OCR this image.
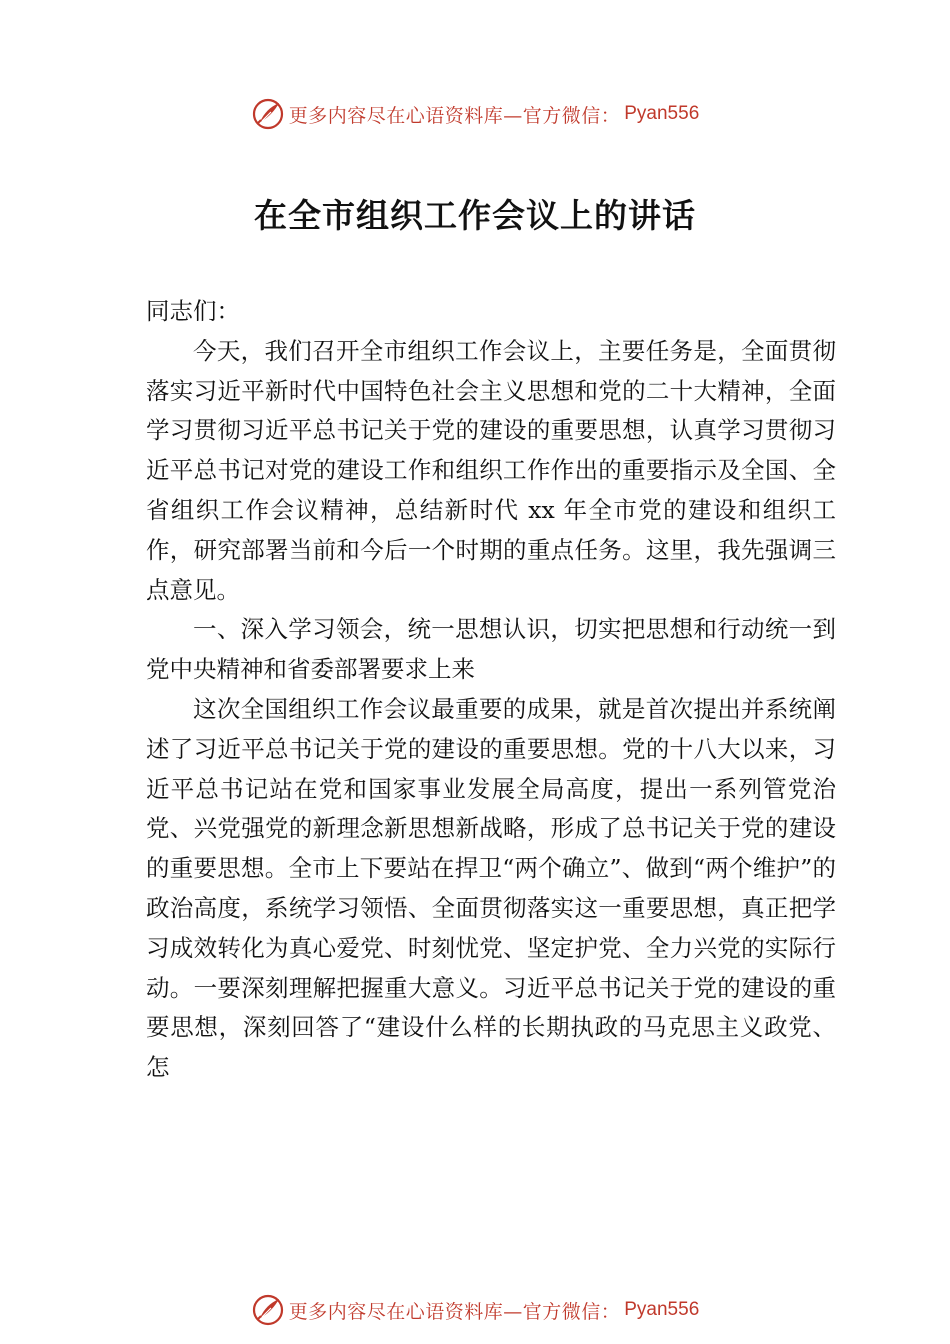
更多内容尽在心语资料库—官方微信： Pyan556
在全市组织工作会议上的讲话

同志们：

今天，我们召开全市组织工作会议上，主要任务是，全面贯彻落实习近平新时代中国特色社会主义思想和党的二十大精神，全面学习贯彻习近平总书记关于党的建设的重要思想，认真学习贯彻习近平总书记对党的建设工作和组织工作作出的重要指示及全国、全省组织工作会议精神，总结新时代 xx 年全市党的建设和组织工作，研究部署当前和今后一个时期的重点任务。这里，我先强调三点意见。

一、深入学习领会，统一思想认识，切实把思想和行动统一到党中央精神和省委部署要求上来

这次全国组织工作会议最重要的成果，就是首次提出并系统阐述了习近平总书记关于党的建设的重要思想。党的十八大以来，习近平总书记站在党和国家事业发展全局高度，提出一系列管党治党、兴党强党的新理念新思想新战略，形成了总书记关于党的建设的重要思想。全市上下要站在捍卫“两个确立”、做到“两个维护”的政治高度，系统学习领悟、全面贯彻落实这一重要思想，真正把学习成效转化为真心爱党、时刻忧党、坚定护党、全力兴党的实际行动。一要深刻理解把握重大意义。习近平总书记关于党的建设的重要思想，深刻回答了“建设什么样的长期执政的马克思主义政党、怎

更多内容尽在心语资料库—官方微信： Pyan556
